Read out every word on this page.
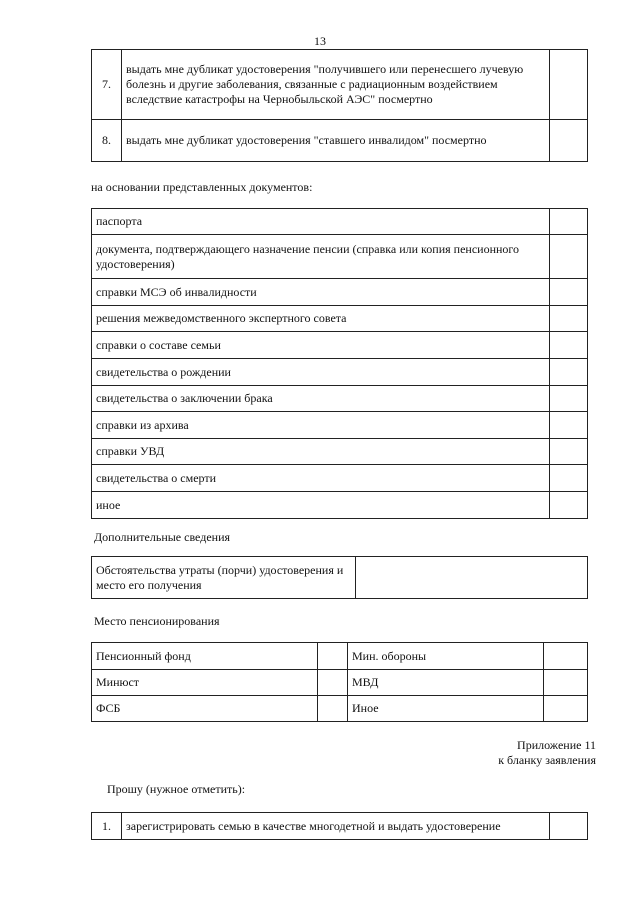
13
7.	выдать мне дубликат удостоверения "получившего или перенесшего лучевую болезнь и другие заболевания, связанные с радиационным воздействием вследствие катастрофы на Чернобыльской АЭС" посмертно	
8.	выдать мне дубликат удостоверения "ставшего инвалидом" посмертно	
на основании представленных документов:
паспорта	
документа, подтверждающего назначение пенсии (справка или копия пенсионного удостоверения)	
справки МСЭ об инвалидности	
решения межведомственного экспертного совета	
справки о составе семьи	
свидетельства о рождении	
свидетельства о заключении брака	
справки из архива	
справки УВД	
свидетельства о смерти	
иное	
Дополнительные сведения
Обстоятельства утраты (порчи) удостоверения и место его получения	
Место пенсионирования
Пенсионный фонд		Мин. обороны	
Минюст		МВД	
ФСБ		Иное	
Приложение 11
к бланку заявления
Прошу (нужное отметить):
1.	зарегистрировать семью в качестве многодетной и выдать удостоверение	
